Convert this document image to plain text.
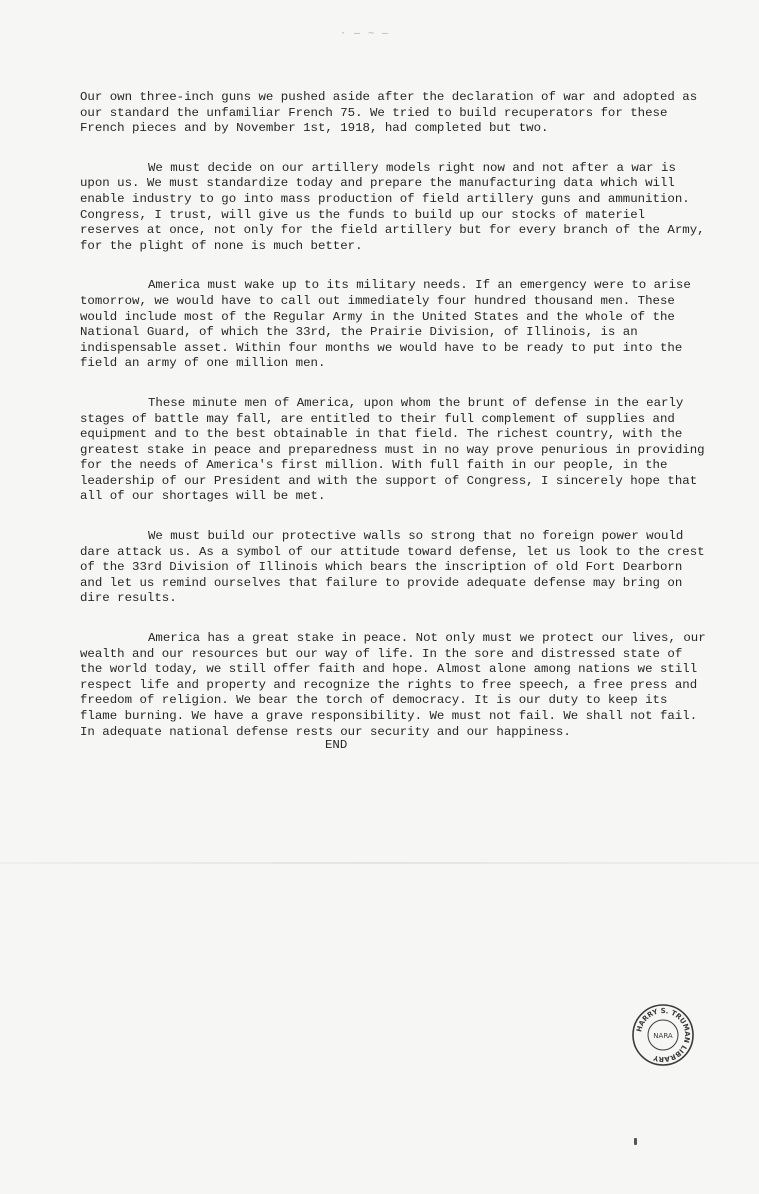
· — ~ —

Our own three-inch guns we pushed aside after the declaration of war and adopted as our standard the unfamiliar French 75. We tried to build recuperators for these French pieces and by November 1st, 1918, had completed but two.

We must decide on our artillery models right now and not after a war is upon us. We must standardize today and prepare the manufacturing data which will enable industry to go into mass production of field artillery guns and ammunition. Congress, I trust, will give us the funds to build up our stocks of materiel reserves at once, not only for the field artillery but for every branch of the Army, for the plight of none is much better.

America must wake up to its military needs. If an emergency were to arise tomorrow, we would have to call out immediately four hundred thousand men. These would include most of the Regular Army in the United States and the whole of the National Guard, of which the 33rd, the Prairie Division, of Illinois, is an indispensable asset. Within four months we would have to be ready to put into the field an army of one million men.

These minute men of America, upon whom the brunt of defense in the early stages of battle may fall, are entitled to their full complement of supplies and equipment and to the best obtainable in that field. The richest country, with the greatest stake in peace and preparedness must in no way prove penurious in providing for the needs of America's first million. With full faith in our people, in the leadership of our President and with the support of Congress, I sincerely hope that all of our shortages will be met.

We must build our protective walls so strong that no foreign power would dare attack us. As a symbol of our attitude toward defense, let us look to the crest of the 33rd Division of Illinois which bears the inscription of old Fort Dearborn and let us remind ourselves that failure to provide adequate defense may bring on dire results.

America has a great stake in peace. Not only must we protect our lives, our wealth and our resources but our way of life. In the sore and distressed state of the world today, we still offer faith and hope. Almost alone among nations we still respect life and property and recognize the rights to free speech, a free press and freedom of religion. We bear the torch of democracy. It is our duty to keep its flame burning. We have a grave responsibility. We must not fail. We shall not fail. In adequate national defense rests our security and our happiness.

END
HARRY S. TRUMAN LIBRARY
NARA
